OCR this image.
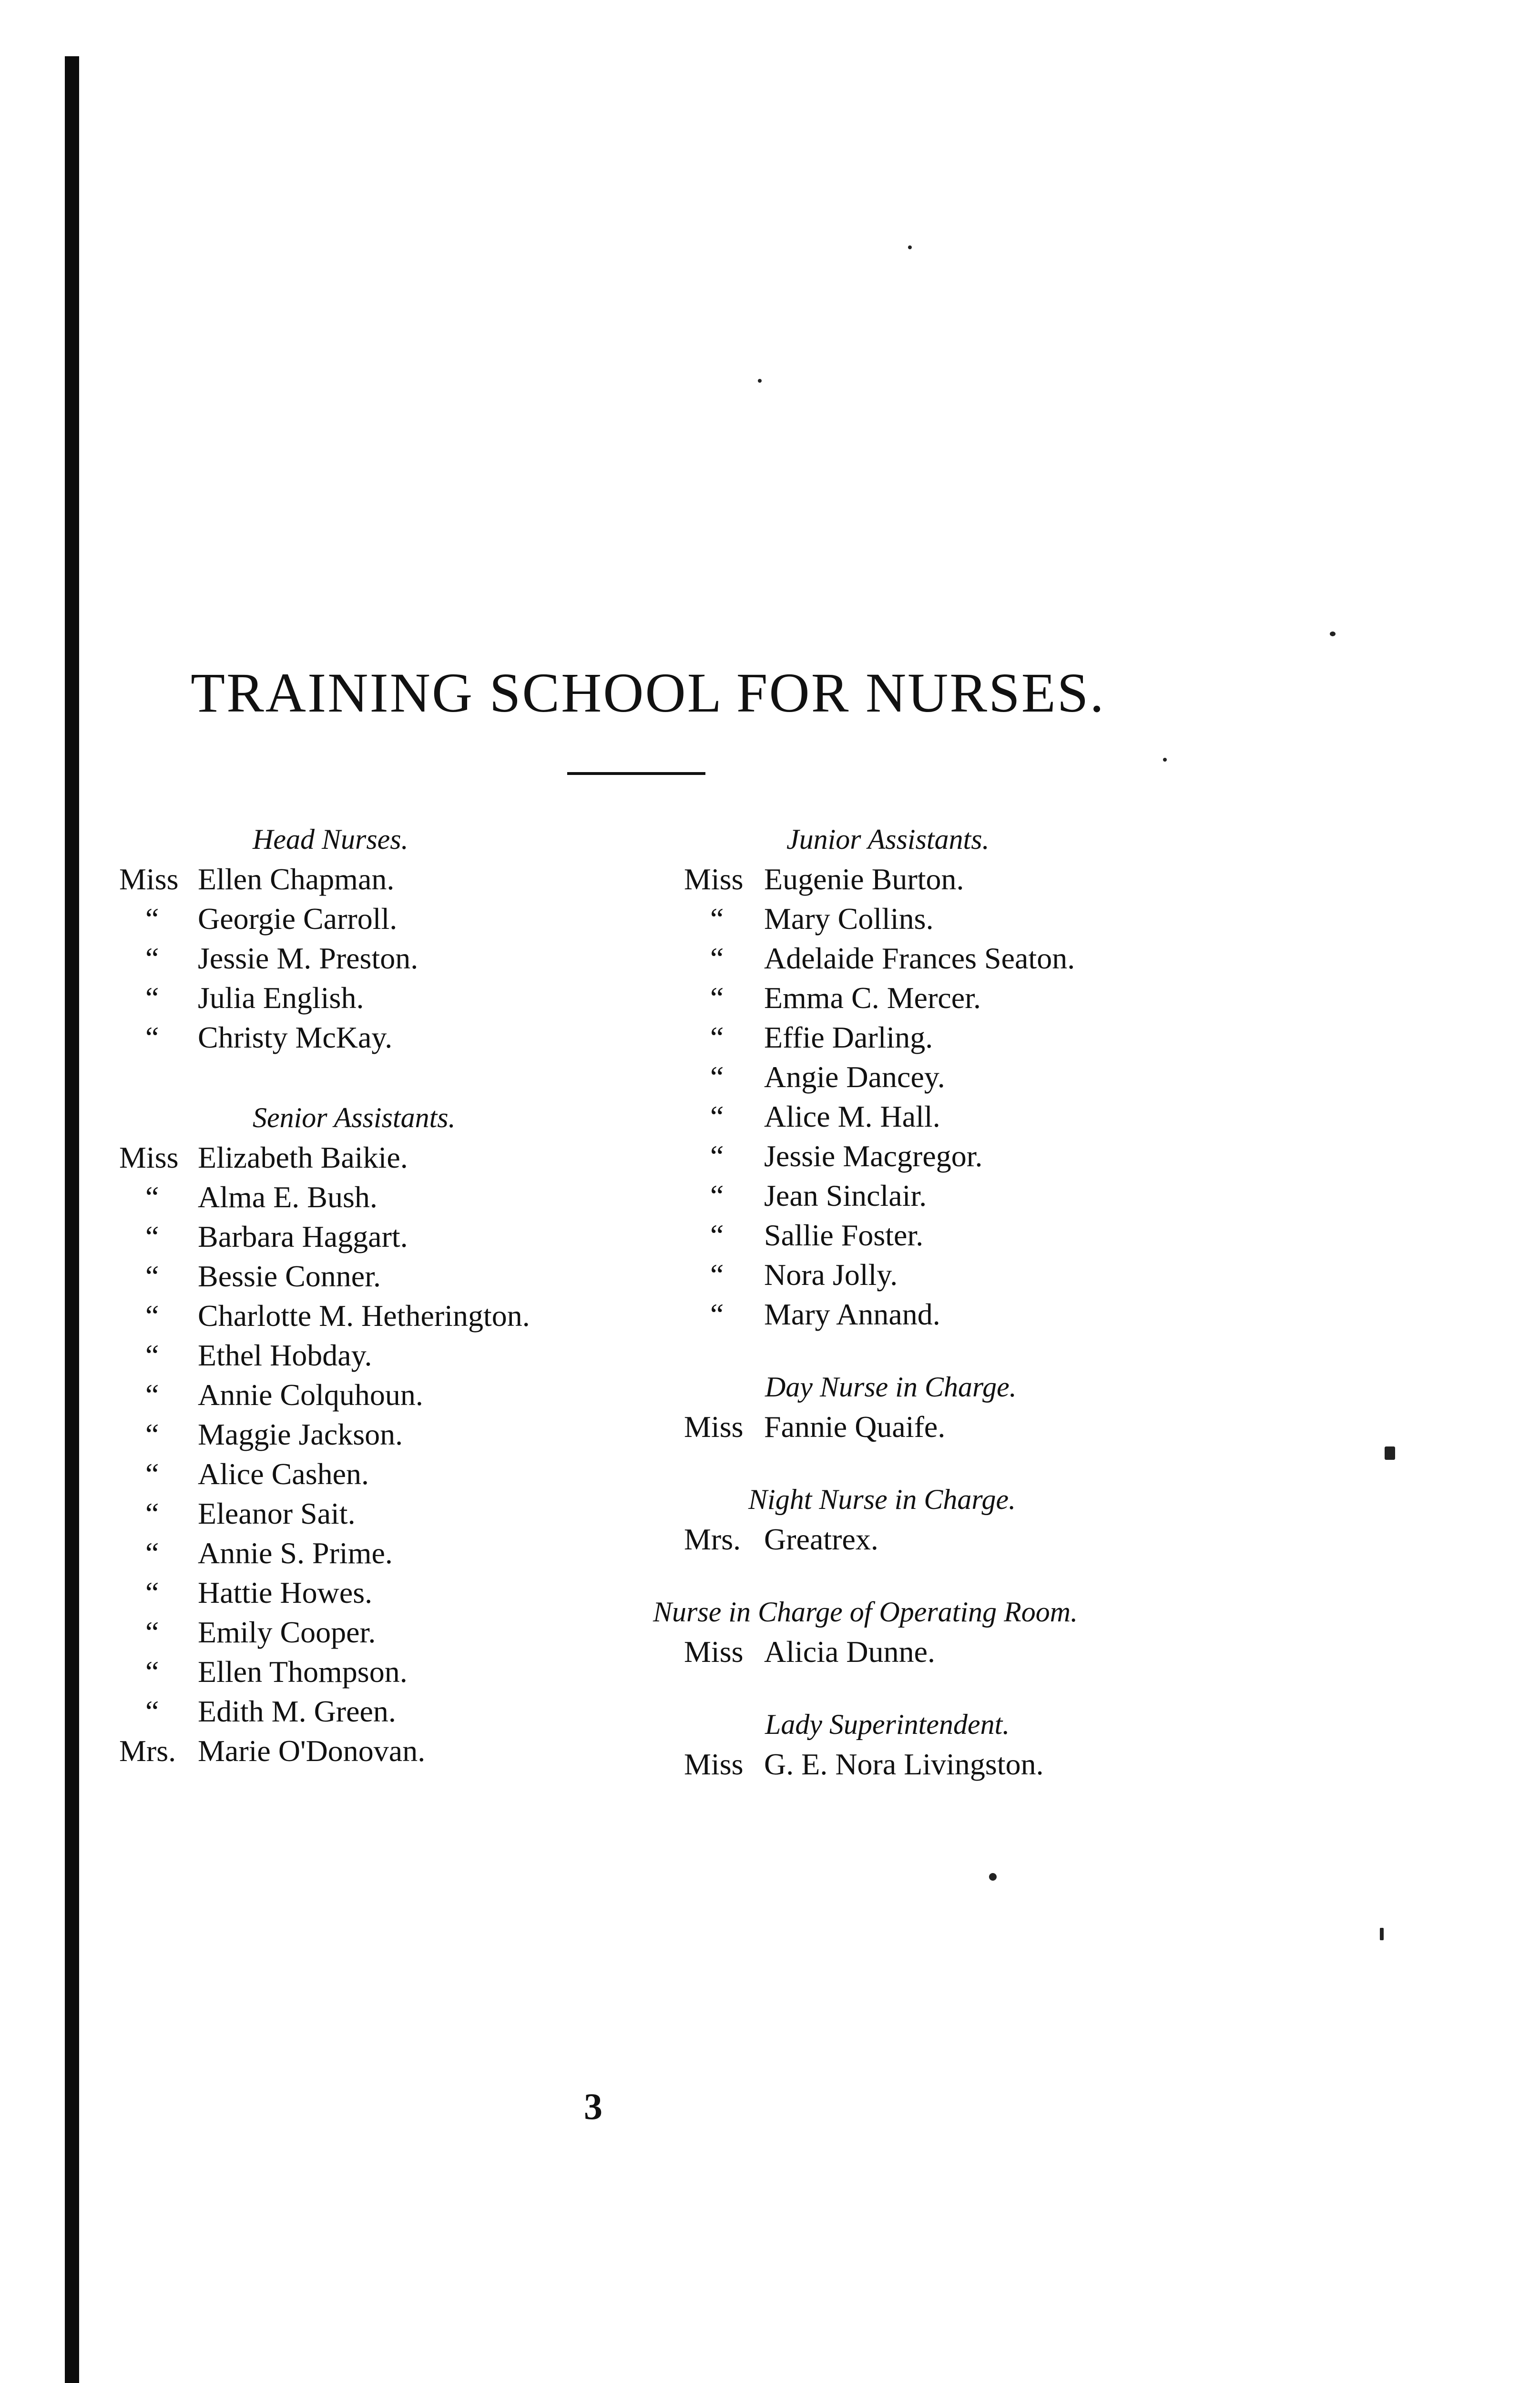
TRAINING SCHOOL FOR NURSES.
Head Nurses.
Miss Ellen Chapman.
“	Georgie Carroll.
“	Jessie M. Preston.
“	Julia English.
“	Christy McKay.
Senior Assistants.
Miss Elizabeth Baikie.
“	Alma E. Bush.
“	Barbara Haggart.
“	Bessie Conner.
“	Charlotte M. Hetherington.
“	Ethel Hobday.
“	Annie Colquhoun.
“	Maggie Jackson.
“	Alice Cashen.
“	Eleanor Sait.
“	Annie S. Prime.
“	Hattie Howes.
“	Emily Cooper.
“	Ellen Thompson.
“	Edith M. Green.
Mrs. Marie O'Donovan.
Junior Assistants.
Miss Eugenie Burton.
“	Mary Collins.
“	Adelaide Frances Seaton.
“	Emma C. Mercer.
“	Effie Darling.
“	Angie Dancey.
“	Alice M. Hall.
“	Jessie Macgregor.
“	Jean Sinclair.
“	Sallie Foster.
“	Nora Jolly.
“	Mary Annand.
Day Nurse in Charge.
Miss Fannie Quaife.
Night Nurse in Charge.
Mrs. Greatrex.
Nurse in Charge of Operating Room.
Miss Alicia Dunne.
Lady Superintendent.
Miss G. E. Nora Livingston.
3
